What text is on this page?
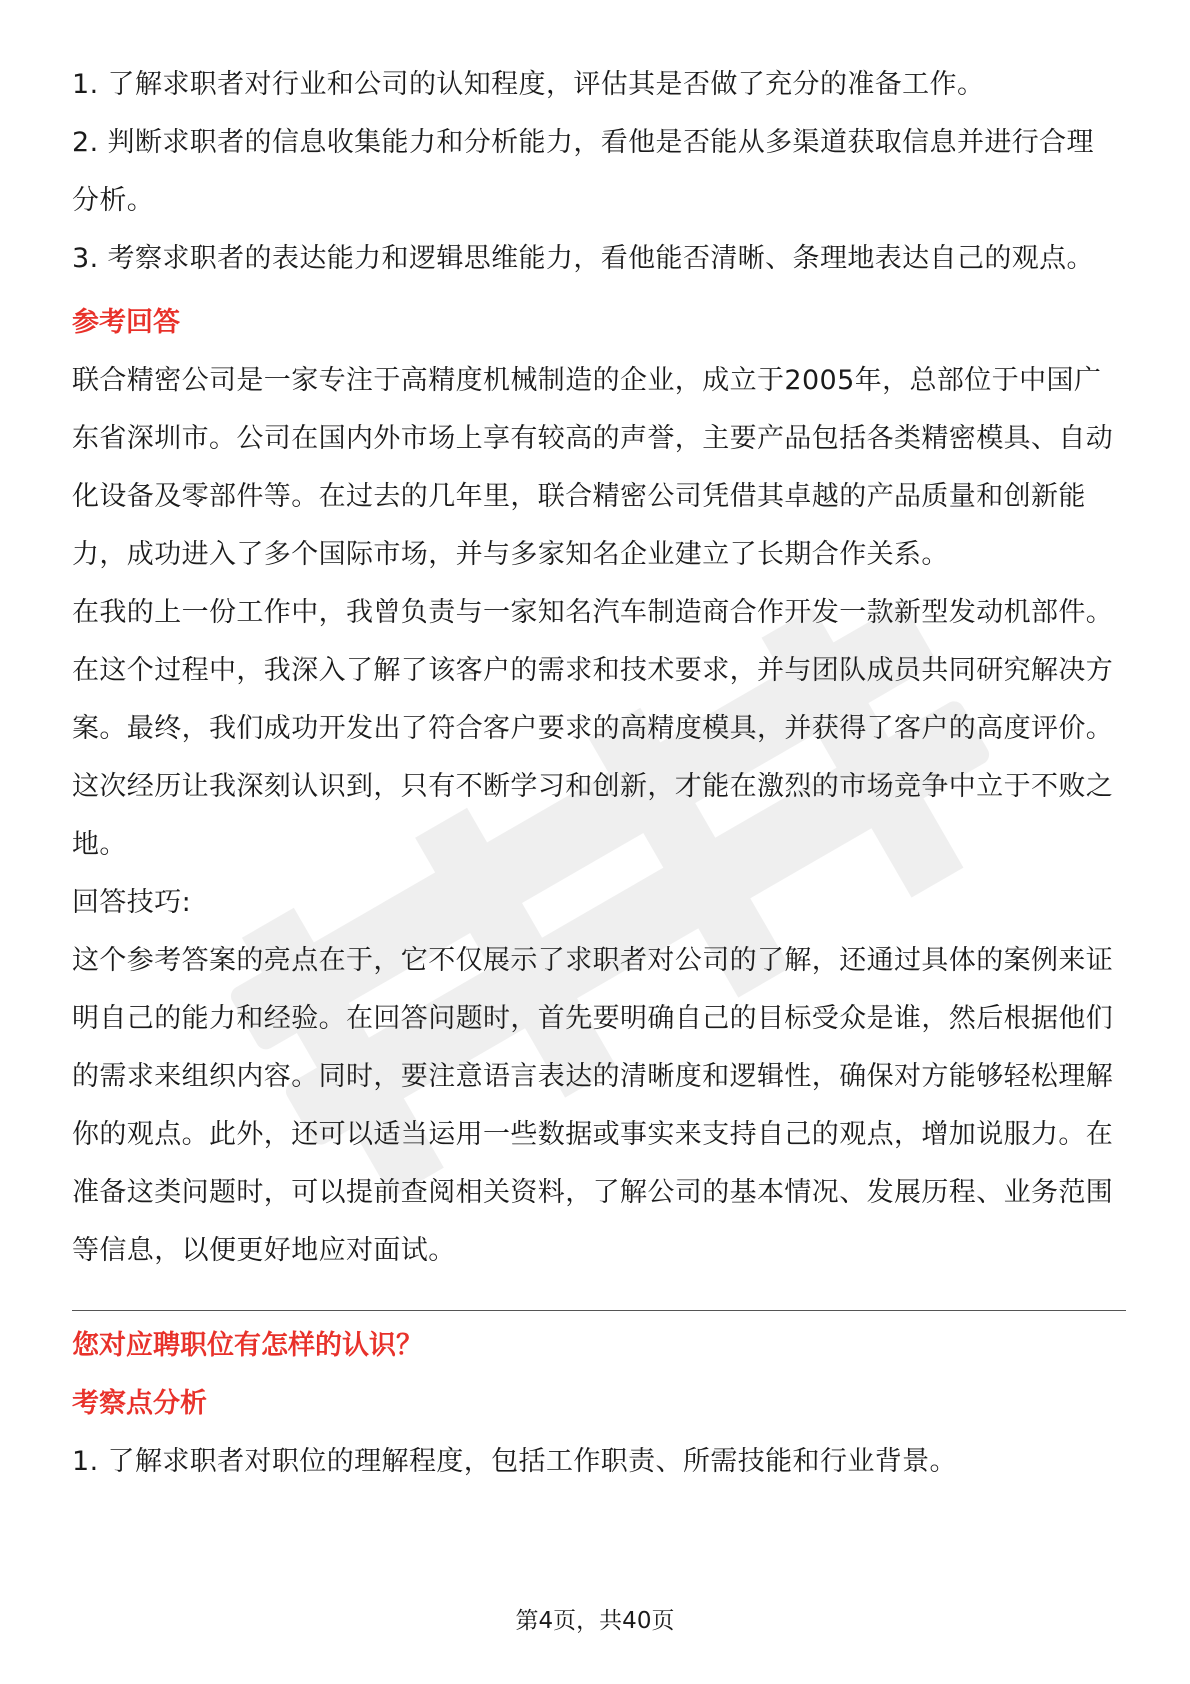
1. 了解求职者对行业和公司的认知程度，评估其是否做了充分的准备工作。

2. 判断求职者的信息收集能力和分析能力，看他是否能从多渠道获取信息并进行合理分析。

3. 考察求职者的表达能力和逻辑思维能力，看他能否清晰、条理地表达自己的观点。

参考回答

联合精密公司是一家专注于高精度机械制造的企业，成立于2005年，总部位于中国广东省深圳市。公司在国内外市场上享有较高的声誉，主要产品包括各类精密模具、自动化设备及零部件等。在过去的几年里，联合精密公司凭借其卓越的产品质量和创新能力，成功进入了多个国际市场，并与多家知名企业建立了长期合作关系。

在我的上一份工作中，我曾负责与一家知名汽车制造商合作开发一款新型发动机部件。在这个过程中，我深入了解了该客户的需求和技术要求，并与团队成员共同研究解决方案。最终，我们成功开发出了符合客户要求的高精度模具，并获得了客户的高度评价。这次经历让我深刻认识到，只有不断学习和创新，才能在激烈的市场竞争中立于不败之地。

回答技巧:

这个参考答案的亮点在于，它不仅展示了求职者对公司的了解，还通过具体的案例来证明自己的能力和经验。在回答问题时，首先要明确自己的目标受众是谁，然后根据他们的需求来组织内容。同时，要注意语言表达的清晰度和逻辑性，确保对方能够轻松理解你的观点。此外，还可以适当运用一些数据或事实来支持自己的观点，增加说服力。在准备这类问题时，可以提前查阅相关资料，了解公司的基本情况、发展历程、业务范围等信息，以便更好地应对面试。

您对应聘职位有怎样的认识？

考察点分析

1. 了解求职者对职位的理解程度，包括工作职责、所需技能和行业背景。

第4页，共40页
